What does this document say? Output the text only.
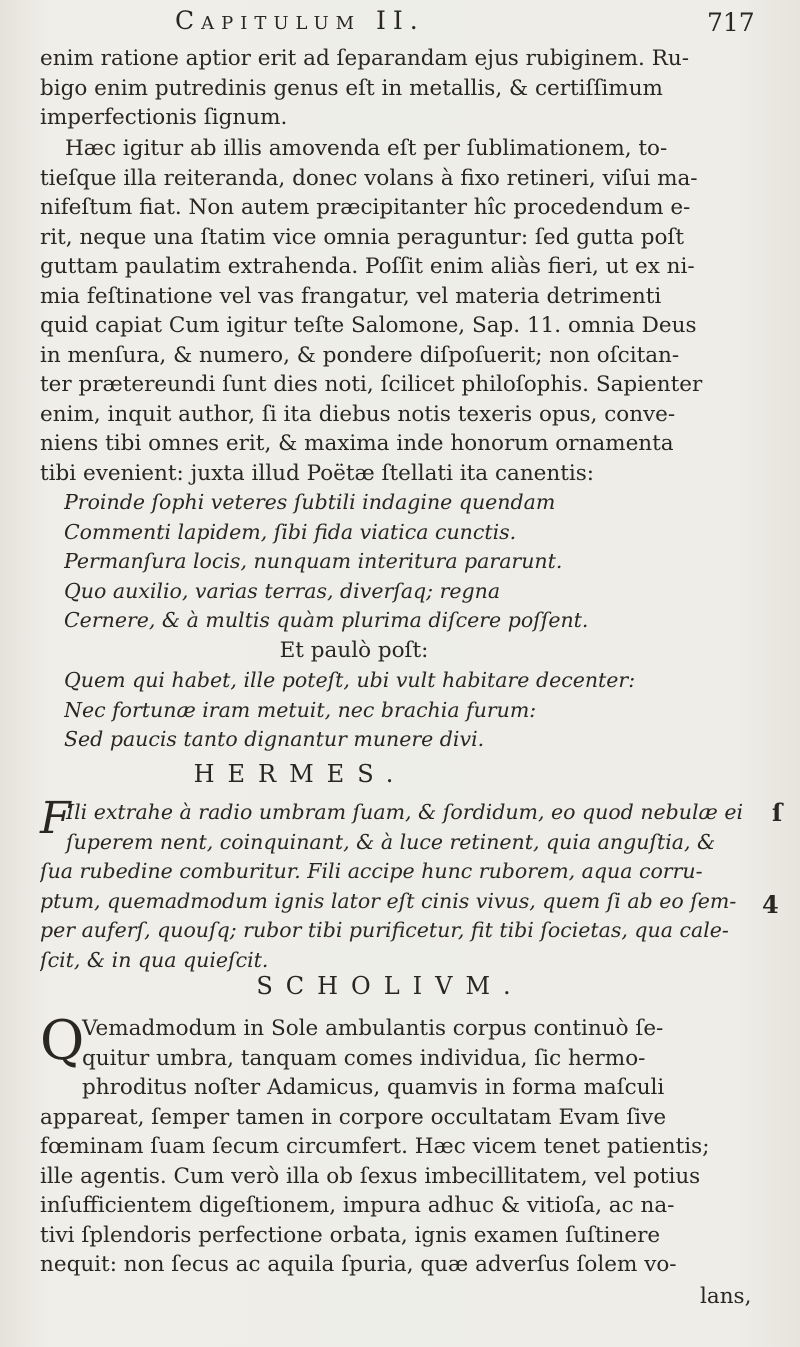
Capitulum II.	717
enim ratione aptior erit ad ſeparandam ejus rubiginem. Ru-
bigo enim putredinis genus eſt in metallis, & certiſſimum
imperfectionis ſignum.
Hæc igitur ab illis amovenda eſt per ſublimationem, to-
tieſque illa reiteranda, donec volans à fixo retineri, viſui ma-
nifeſtum fiat. Non autem præcipitanter hîc procedendum e-
rit, neque una ſtatim vice omnia peraguntur: ſed gutta poſt
guttam paulatim extrahenda. Poſſit enim aliàs fieri, ut ex ni-
mia feſtinatione vel vas frangatur, vel materia detrimenti
quid capiat Cum igitur teſte Salomone, Sap. 11. omnia Deus
in menſura, & numero, & pondere diſpoſuerit; non oſcitan-
ter prætereundi ſunt dies noti, ſcilicet philoſophis. Sapienter
enim, inquit author, ſi ita diebus notis texeris opus, conve-
niens tibi omnes erit, & maxima inde honorum ornamenta
tibi evenient: juxta illud Poëtæ ſtellati ita canentis:
Proinde ſophi veteres ſubtili indagine quendam
Commenti lapidem, ſibi fida viatica cunctis.
Permanſura locis, nunquam interitura pararunt.
Quo auxilio, varias terras, diverſaq; regna
Cernere, & à multis quàm plurima diſcere poſſent.
Et paulò poſt:
Quem qui habet, ille poteſt, ubi vult habitare decenter:
Nec fortunæ iram metuit, nec brachia furum:
Sed paucis tanto dignantur munere divi.
HERMES.
F
Ili extrahe à radio umbram ſuam, & ſordidum, eo quod nebulæ ei
ſuperem nent, coinquinant, & à luce retinent, quia anguſtia, &
ſua rubedine comburitur. Fili accipe hunc ruborem, aqua corru-
ptum, quemadmodum ignis lator eſt cinis vivus, quem ſi ab eo ſem-
per auferſ, quouſq; rubor tibi purificetur, fit tibi ſocietas, qua cale-
ſcit, & in qua quieſcit.
ſ
4
SCHOLIVM.
Q
Vemadmodum in Sole ambulantis corpus continuò ſe-
quitur umbra, tanquam comes individua, ſic hermo-
phroditus noſter Adamicus, quamvis in forma maſculi
appareat, ſemper tamen in corpore occultatam Evam ſive
fœminam ſuam ſecum circumfert. Hæc vicem tenet patientis;
ille agentis. Cum verò illa ob ſexus imbecillitatem, vel potius
inſufficientem digeſtionem, impura adhuc & vitioſa, ac na-
tivi ſplendoris perfectione orbata, ignis examen ſuſtinere
nequit: non ſecus ac aquila ſpuria, quæ adverſus ſolem vo-
lans,
